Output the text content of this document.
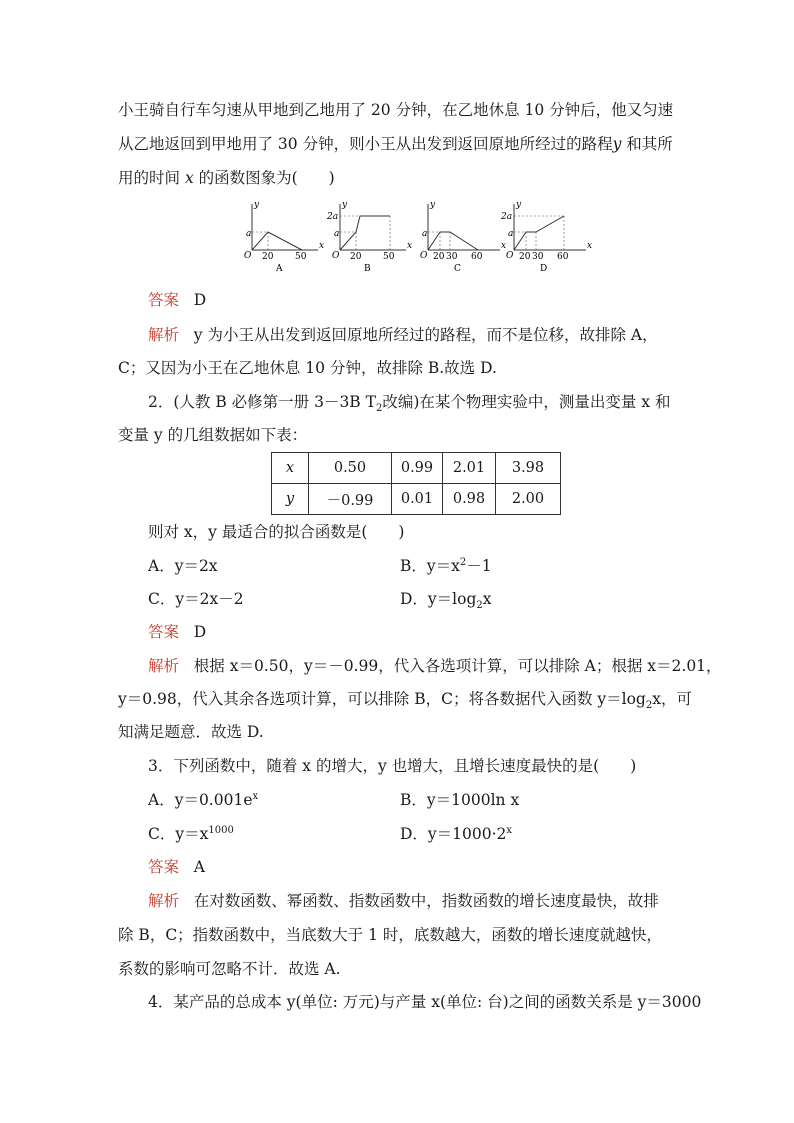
小王骑自行车匀速从甲地到乙地用了 20 分钟，在乙地休息 10 分钟后，他又匀速
从乙地返回到甲地用了 30 分钟，则小王从出发到返回原地所经过的路程y 和其所
用的时间 x 的函数图象为(　　)
a
O 20 50
x
y
A
2a
a
O 20 50
x
y
B
a
O 20 30 60
x
y
C
2a
a
O 20 30 60
x
y
D
答案 D
解析 y 为小王从出发到返回原地所经过的路程，而不是位移，故排除 A，
C；又因为小王在乙地休息 10 分钟，故排除 B.故选 D.
2．(人教 B 必修第一册 3－3B $T_2$改编)在某个物理实验中，测量出变量 x 和
变量 y 的几组数据如下表：
x	0.50	0.99	2.01	3.98
y	－0.99	0.01	0.98	2.00
则对 x，y 最适合的拟合函数是(　　)
A．y＝2x	B．$y=x^2-1$
C．y＝2x－2	D．$y=\log_2x$
答案 D
解析 根据 x＝0.50，y＝－0.99，代入各选项计算，可以排除 A；根据 x＝2.01，
y＝0.98，代入其余各选项计算，可以排除 B，C；将各数据代入函数 $y=\log_2x$，可
知满足题意．故选 D.
3．下列函数中，随着 x 的增大，y 也增大，且增长速度最快的是(　　)
A．$y=0.001e^x$	B．y＝1000ln x
C．$y=x^{1000}$	D．$y=1000\cdot 2^x$
答案 A
解析 在对数函数、幂函数、指数函数中，指数函数的增长速度最快，故排
除 B，C；指数函数中，当底数大于 1 时，底数越大，函数的增长速度就越快，
系数的影响可忽略不计．故选 A.
4．某产品的总成本 y(单位: 万元)与产量 x(单位: 台)之间的函数关系是 y＝3000
